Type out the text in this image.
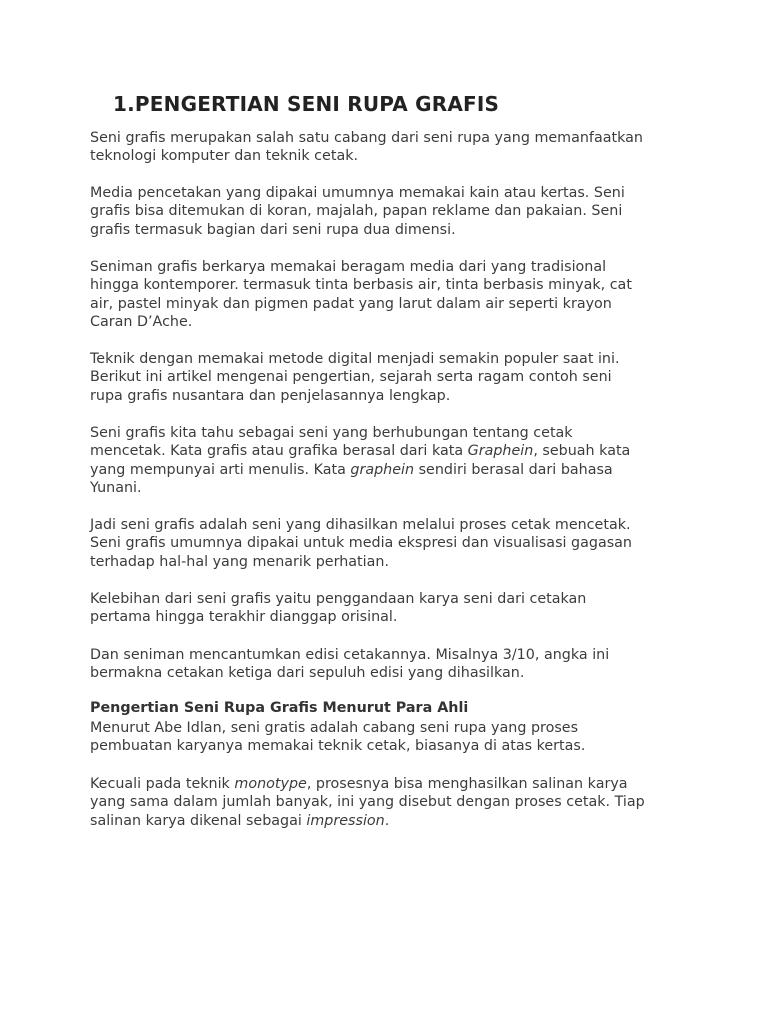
1.PENGERTIAN SENI RUPA GRAFIS
Seni grafis merupakan salah satu cabang dari seni rupa yang memanfaatkan
teknologi komputer dan teknik cetak.
Media pencetakan yang dipakai umumnya memakai kain atau kertas. Seni
grafis bisa ditemukan di koran, majalah, papan reklame dan pakaian. Seni
grafis termasuk bagian dari seni rupa dua dimensi.
Seniman grafis berkarya memakai beragam media dari yang tradisional
hingga kontemporer. termasuk tinta berbasis air, tinta berbasis minyak, cat
air, pastel minyak dan pigmen padat yang larut dalam air seperti krayon
Caran D’Ache.
Teknik dengan memakai metode digital menjadi semakin populer saat ini.
Berikut ini artikel mengenai pengertian, sejarah serta ragam contoh seni
rupa grafis nusantara dan penjelasannya lengkap.
Seni grafis kita tahu sebagai seni yang berhubungan tentang cetak
mencetak. Kata grafis atau grafika berasal dari kata Graphein, sebuah kata
yang mempunyai arti menulis. Kata graphein sendiri berasal dari bahasa
Yunani.
Jadi seni grafis adalah seni yang dihasilkan melalui proses cetak mencetak.
Seni grafis umumnya dipakai untuk media ekspresi dan visualisasi gagasan
terhadap hal-hal yang menarik perhatian.
Kelebihan dari seni grafis yaitu penggandaan karya seni dari cetakan
pertama hingga terakhir dianggap orisinal.
Dan seniman mencantumkan edisi cetakannya. Misalnya 3/10, angka ini
bermakna cetakan ketiga dari sepuluh edisi yang dihasilkan.
Pengertian Seni Rupa Grafis Menurut Para Ahli
Menurut Abe Idlan, seni gratis adalah cabang seni rupa yang proses
pembuatan karyanya memakai teknik cetak, biasanya di atas kertas.
Kecuali pada teknik monotype, prosesnya bisa menghasilkan salinan karya
yang sama dalam jumlah banyak, ini yang disebut dengan proses cetak. Tiap
salinan karya dikenal sebagai impression.
